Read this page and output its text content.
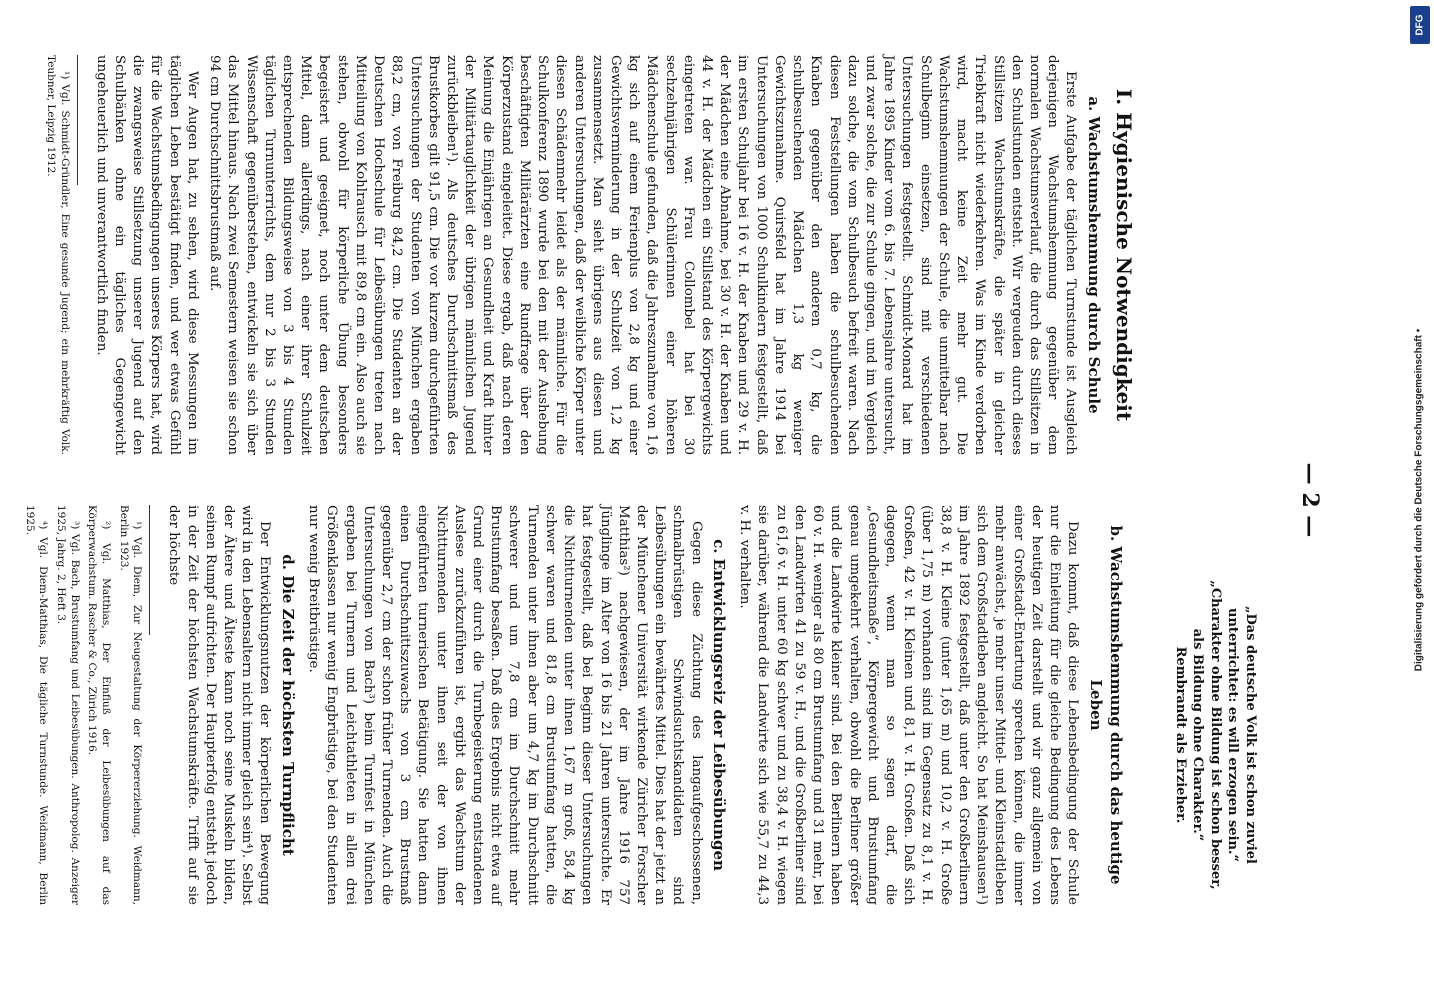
— 2 —

„Das deutsche Volk ist schon zuviel unterrichtet: es will erzogen sein.“

„Charakter ohne Bildung ist schon besser, als Bildung ohne Charakter.“

Rembrandt als Erzieher.

I. Hygienische Notwendigkeit
a. Wachstumshemmung durch Schule

Erste Aufgabe der täglichen Turnstunde ist Ausgleich derjenigen Wachstumshemmung gegenüber dem normalen Wachstumsverlauf, die durch das Stillsitzen in den Schulstunden entsteht. Wir vergeuden durch dieses Stillsitzen Wachstumskräfte, die später in gleicher Triebkraft nicht wiederkehren. Was im Kinde verdorben wird, macht keine Zeit mehr gut. Die Wachstumshemmungen der Schule, die unmittelbar nach Schulbeginn einsetzen, sind mit verschiedenen Untersuchungen festgestellt. Schmidt-Monard hat im Jahre 1895 Kinder vom 6. bis 7. Lebensjahre untersucht, und zwar solche, die zur Schule gingen, und im Vergleich dazu solche, die vom Schulbesuch befreit waren. Nach diesen Feststellungen haben die schulbesuchenden Knaben gegenüber den anderen 0,7 kg, die schulbesuchenden Mädchen 1,3 kg weniger Gewichtszunahme. Quirsfeld hat im Jahre 1914 bei Untersuchungen von 1000 Schulkindern festgestellt, daß im ersten Schuljahr bei 16 v. H. der Knaben und 29 v. H. der Mädchen eine Abnahme, bei 30 v. H. der Knaben und 44 v. H. der Mädchen ein Stillstand des Körpergewichts eingetreten war. Frau Collombel hat bei 30 sechzehnjährigen Schülerinnen einer höheren Mädchenschule gefunden, daß die Jahreszunahme von 1,6 kg sich auf einem Ferienplus von 2,8 kg und einer Gewichtsverminderung in der Schulzeit von 1,2 kg zusammensetzt. Man sieht übrigens aus diesen und anderen Untersuchungen, daß der weibliche Körper unter diesen Schädenmehr leidet als der männliche. Für die Schulkonferenz 1890 wurde bei den mit der Aushebung beschäftigten Militärärzten eine Rundfrage über den Körperzustand eingeleitet. Diese ergab, daß nach deren Meinung die Einjährigen an Gesundheit und Kraft hinter der Militärtauglichkeit der übrigen männlichen Jugend zurückbleiben¹). Als deutsches Durchschnittsmaß des Brustkorbes gilt 91,5 cm. Die vor kurzem durchgeführten Untersuchungen der Studenten von München ergaben 88,2 cm, von Freiburg 84,2 cm. Die Studenten an der Deutschen Hochschule für Leibesübungen treten nach Mitteilung von Kohlrausch mit 89,8 cm ein. Also auch sie stehen, obwohl für körperliche Übung besonders begeistert und geeignet, noch unter dem deutschen Mittel, dann allerdings, nach einer ihrer Schulzeit entsprechenden Bildungsweise von 3 bis 4 Stunden täglichen Turnunterrichts, dem nur 2 bis 3 Stunden Wissenschaft gegenüberstehen, entwickeln sie sich über das Mittel hinaus. Nach zwei Semestern weisen sie schon 94 cm Durchschnittsbrustmaß auf.

Wer Augen hat, zu sehen, wird diese Messungen im täglichen Leben bestätigt finden, und wer etwas Gefühl für die Wachstumsbedingungen unseres Körpers hat, wird die zwangsweise Stillsetzung unserer Jugend auf den Schulbänken ohne ein tägliches Gegengewicht ungeheuerlich und unverantwortlich finden.

¹) Vgl. Schmidt-Gründler, Eine gesunde Jugend; ein mehrkräftig Volk. Teubner, Leipzig 1912.

b. Wachstumshemmung durch das heutige Leben

Dazu kommt, daß diese Lebensbedingung der Schule nur die Einleitung für die gleiche Bedingung des Lebens der heutigen Zeit darstellt und wir ganz allgemein von einer Großstadt-Entartung sprechen können, die immer mehr anwächst, je mehr unser Mittel- und Kleinstadtleben sich dem Großstadtleben angleicht. So hat Meinshausen¹) im Jahre 1892 festgestellt, daß unter den Großberlinern 38,8 v. H. Kleine (unter 1,65 m) und 10,2 v. H. Große (über 1,75 m) vorhanden sind im Gegensatz zu 8,1 v. H. Großen, 42 v. H. Kleinen und 8,1 v. H. Großen. Daß sich dagegen, wenn man so sagen darf, die „Gesundheitsmaße“, Körpergewicht und Brustumfang genau umgekehrt verhalten, obwohl die Berliner größer und die Landwirte kleiner sind. Bei den Berlinern haben 60 v. H. weniger als 80 cm Brustumfang und 31 mehr, bei den Landwirten 41 zu 59 v. H., und die Großberliner sind zu 61,6 v. H. unter 60 kg schwer und zu 38,4 v. H. wiegen sie darüber, während die Landwirte sich wie 55,7 zu 44,3 v. H. verhalten.

c. Entwicklungsreiz der Leibesübungen

Gegen diese Züchtung des langaufgeschossenen, schmalbrüstigen Schwindsuchtskandidaten sind Leibesübungen ein bewährtes Mittel. Dies hat der jetzt an der Münchener Universität wirkende Züricher Forscher Matthias²) nachgewiesen, der im Jahre 1916 757 Jünglinge im Alter von 16 bis 21 Jahren untersuchte. Er hat festgestellt, daß bei Beginn dieser Untersuchungen die Nichtturnenden unter ihnen 1,67 m groß, 58,4 kg schwer waren und 81,8 cm Brustumfang hatten, die Turnenden unter ihnen aber um 4,7 kg im Durchschnitt schwerer und um 7,8 cm im Durchschnitt mehr Brustumfang besaßen. Daß dies Ergebnis nicht etwa auf Grund einer durch die Turnbegeisterung entstandenen Auslese zurückzuführen ist, ergibt das Wachstum der Nichtturnenden unter ihnen seit der von ihnen eingeführten turnerischen Betätigung. Sie hatten dann einen Durchschnittszuwachs von 3 cm Brustmaß gegenüber 2,7 cm der schon früher Turnenden. Auch die Untersuchungen von Bach³) beim Turnfest in München ergaben bei Turnern und Leichtathleten in allen drei Größenklassen nur wenig Engbrüstige, bei den Studenten nur wenig Breitbrüstige.

d. Die Zeit der höchsten Turnpflicht

Der Entwicklungsnutzen der körperlichen Bewegung wird in den Lebensaltern nicht immer gleich sein⁴). Selbst der Ältere und Älteste kann noch seine Muskeln bilden, seinen Rumpf aufrichten. Der Haupterfolg entsteht jedoch in der Zeit der höchsten Wachstumskräfte. Trifft auf sie der höchste

¹) Vgl. Diem, Zur Neugestaltung der Körpererziehung. Weidmann, Berlin 1923.

²) Vgl. Matthias, Der Einfluß der Leibesübungen auf das Körperwachstum. Rascher & Co., Zürich 1916.

³) Vgl. Bach, Brustumfang und Leibesübungen. Anthropolog. Anzeiger 1925, Jahrg. 2, Heft 3.

⁴) Vgl. Diem-Matthias, Die tägliche Turnstunde. Weidmann, Berlin 1925.	Digitalisierung gefördert durch die Deutsche Forschungsgemeinschaft •
DFG
